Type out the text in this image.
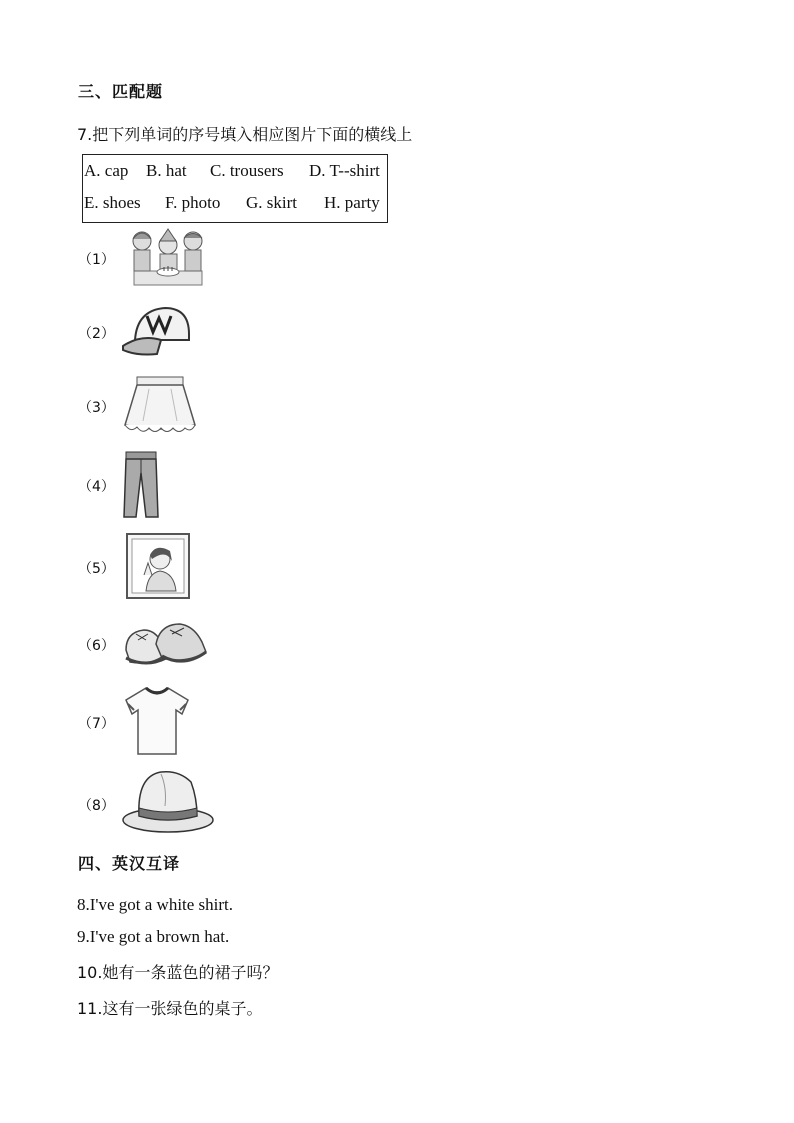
三、匹配题
7.把下列单词的序号填入相应图片下面的横线上
A. cap B. hat C. trousers D. T--shirt
E. shoes F. photo G. skirt H. party
（1）
（2）
（3）
（4）
（5）
（6）
（7）
（8）
四、英汉互译
8.I've got a white shirt.
9.I've got a brown hat.
10.她有一条蓝色的裙子吗？
11.这有一张绿色的桌子。
